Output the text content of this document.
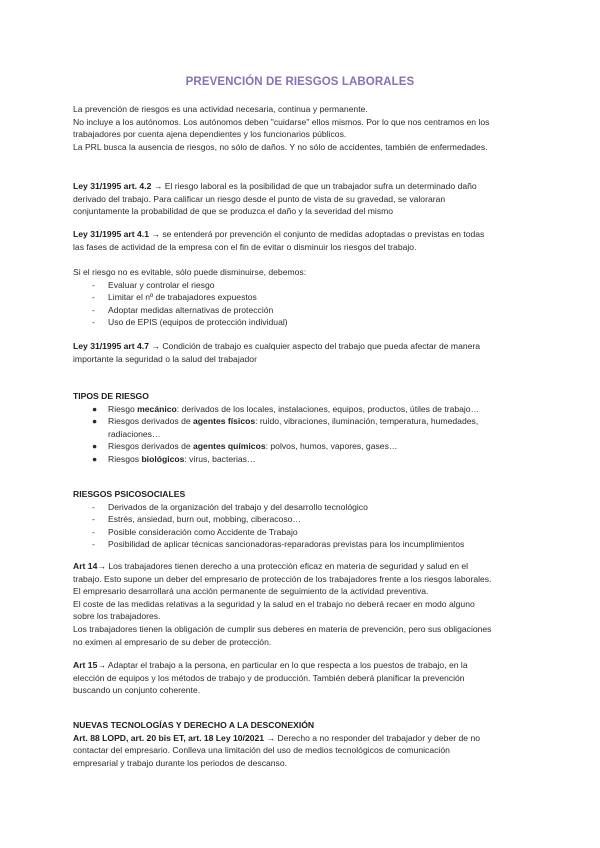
PREVENCIÓN DE RIESGOS LABORALES

La prevención de riesgos es una actividad necesaria, continua y permanente.

No incluye a los autónomos. Los autónomos deben "cuidarse" ellos mismos. Por lo que nos centramos en los

trabajadores por cuenta ajena dependientes y los funcionarios públicos.

La PRL busca la ausencia de riesgos, no sólo de daños. Y no sólo de accidentes, también de enfermedades.

Ley 31/1995 art. 4.2 → El riesgo laboral es la posibilidad de que un trabajador sufra un determinado daño

derivado del trabajo. Para calificar un riesgo desde el punto de vista de su gravedad, se valoraran

conjuntamente la probabilidad de que se produzca el daño y la severidad del mismo

Ley 31/1995 art 4.1 → se entenderá por prevención el conjunto de medidas adoptadas o previstas en todas

las fases de actividad de la empresa con el fin de evitar o disminuir los riesgos del trabajo.

Si el riesgo no es evitable, sólo puede disminuirse, debemos:

- Evaluar y controlar el riesgo
- Limitar el nº de trabajadores expuestos
- Adoptar medidas alternativas de protección
- Uso de EPIS (equipos de protección individual)

Ley 31/1995 art 4.7 → Condición de trabajo es cualquier aspecto del trabajo que pueda afectar de manera

importante la seguridad o la salud del trabajador

TIPOS DE RIESGO

● Riesgo mecánico: derivados de los locales, instalaciones, equipos, productos, útiles de trabajo…
● Riesgos derivados de agentes físicos: ruido, vibraciones, iluminación, temperatura, humedades,
radiaciones…
● Riesgos derivados de agentes químicos: polvos, humos, vapores, gases…
● Riesgos biológicos: virus, bacterias…

RIESGOS PSICOSOCIALES

- Derivados de la organización del trabajo y del desarrollo tecnológico
- Estrés, ansiedad, burn out, mobbing, ciberacoso…
- Posible consideración como Accidente de Trabajo
- Posibilidad de aplicar técnicas sancionadoras-reparadoras previstas para los incumplimientos

Art 14→ Los trabajadores tienen derecho a una protección eficaz en materia de seguridad y salud en el

trabajo. Esto supone un deber del empresario de protección de los trabajadores frente a los riesgos laborales.

El empresario desarrollará una acción permanente de seguimiento de la actividad preventiva.

El coste de las medidas relativas a la seguridad y la salud en el trabajo no deberá recaer en modo alguno

sobre los trabajadores.

Los trabajadores tienen la obligación de cumplir sus deberes en materia de prevención, pero sus obligaciones

no eximen al empresario de su deber de protección.

Art 15→ Adaptar el trabajo a la persona, en particular en lo que respecta a los puestos de trabajo, en la

elección de equipos y los métodos de trabajo y de producción. También deberá planificar la prevención

buscando un conjunto coherente.

NUEVAS TECNOLOGÍAS Y DERECHO A LA DESCONEXIÓN

Art. 88 LOPD, art. 20 bis ET, art. 18 Ley 10/2021 → Derecho a no responder del trabajador y deber de no

contactar del empresario. Conlleva una limitación del uso de medios tecnológicos de comunicación

empresarial y trabajo durante los periodos de descanso.
